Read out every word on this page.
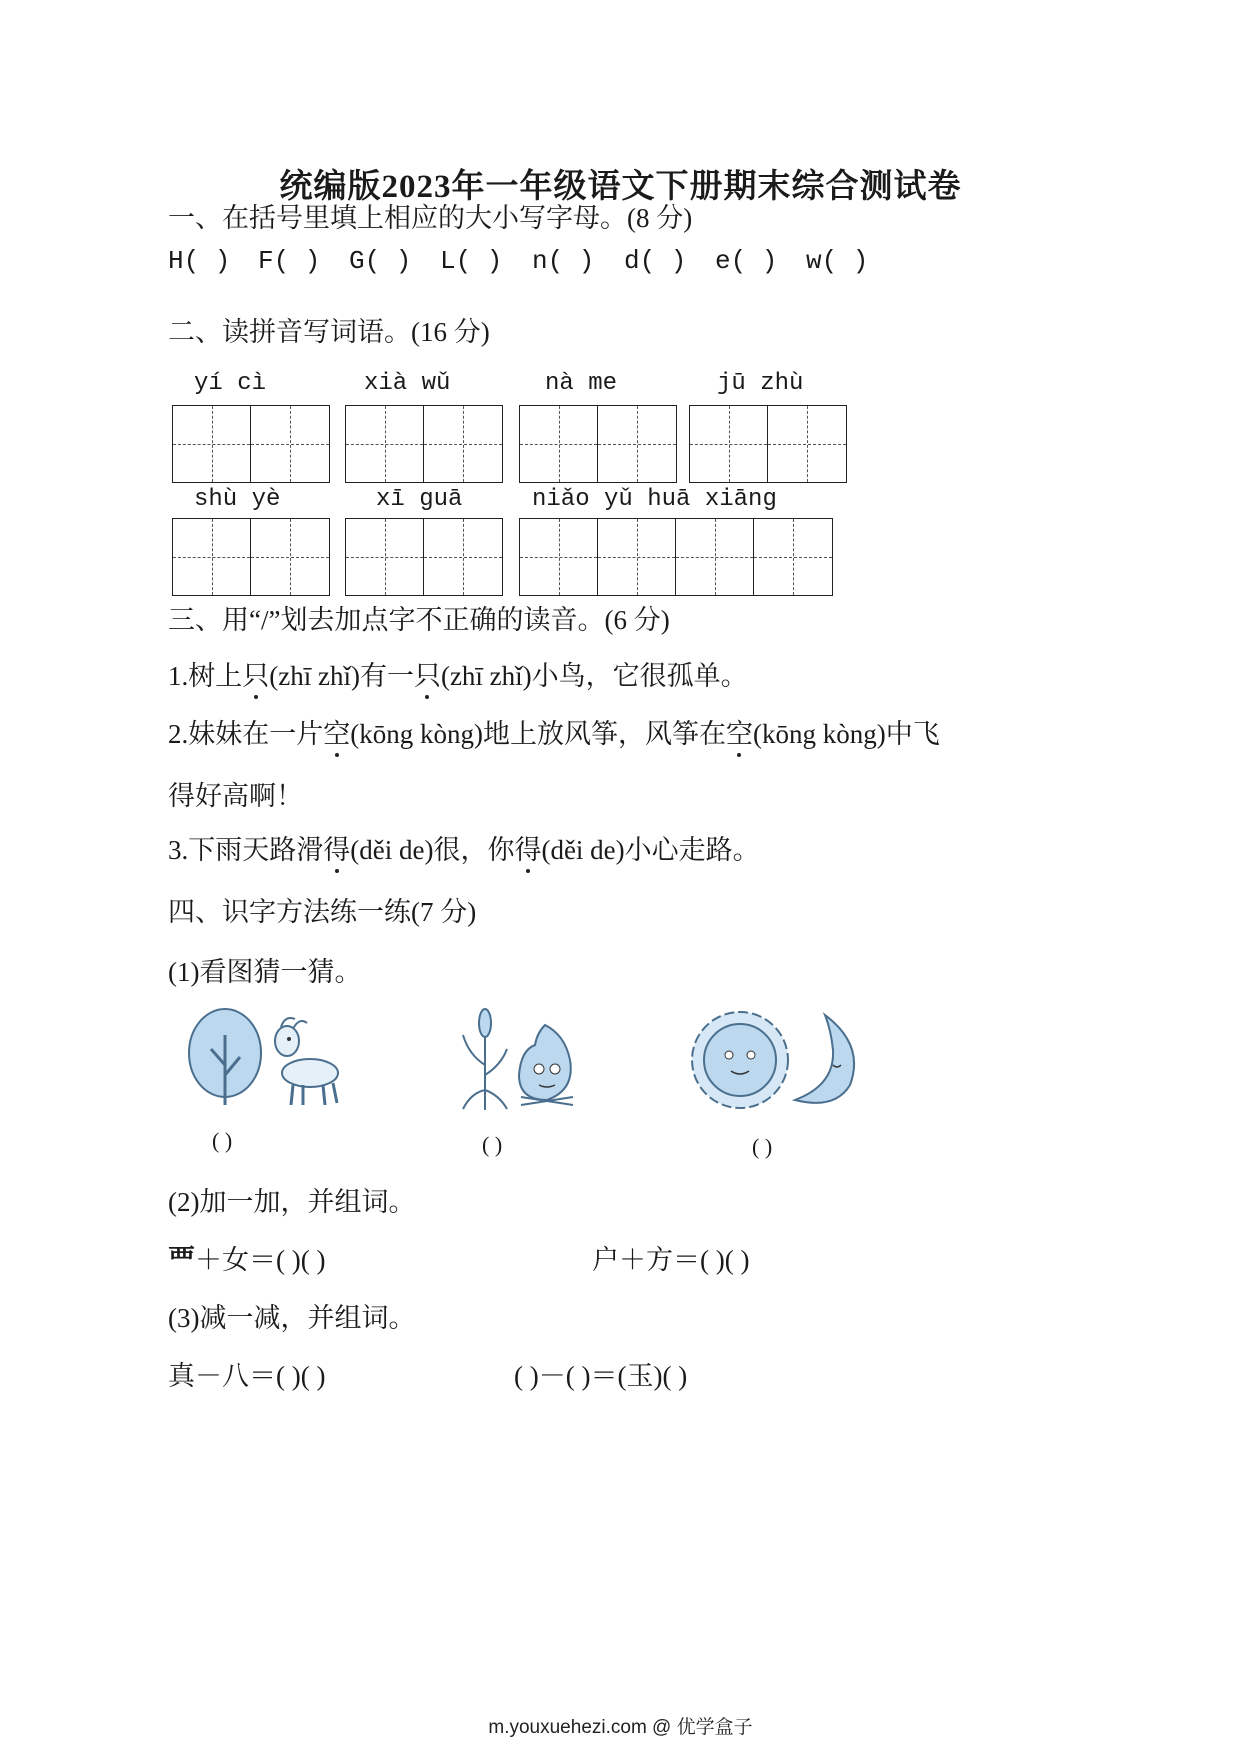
统编版2023年一年级语文下册期末综合测试卷
一、在括号里填上相应的大小写字母。(8 分)
H( ) F( ) G( ) L( ) n( ) d( ) e( ) w( )
二、读拼音写词语。(16 分)
yí cì	xià wǔ	nà me	jū zhù
shù yè	xī guā	niǎo yǔ huā xiāng
三、用“/”划去加点字不正确的读音。(6 分)
1.树上只(zhī zhǐ)有一只(zhī zhǐ)小鸟，它很孤单。
2.妹妹在一片空(kōng kòng)地上放风筝，风筝在空(kōng kòng)中飞
得好高啊！
3.下雨天路滑得(děi de)很，你得(děi de)小心走路。
四、识字方法练一练(7 分)
(1)看图猜一猜。
( )	( )	( )
(2)加一加，并组词。
覀＋女＝( )( )	户＋方＝( )( )
(3)减一减，并组词。
真－八＝( )( )	( )－( )＝(玉)( )
m.youxuehezi.com @ 优学盒子
